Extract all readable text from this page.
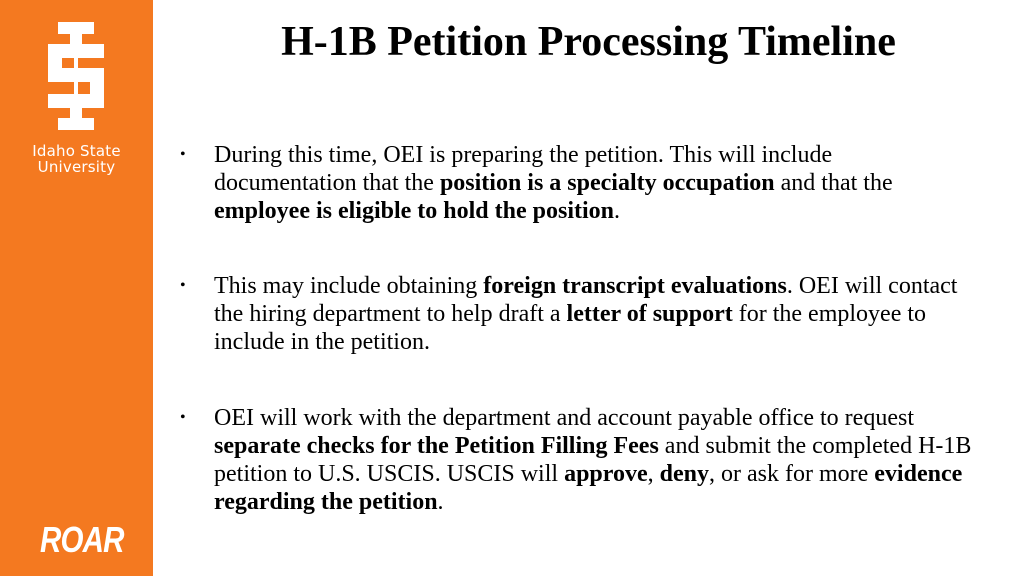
Idaho State
University
ROAR
H-1B Petition Processing Timeline
• During this time, OEI is preparing the petition. This will include documentation that the position is a specialty occupation and that the employee is eligible to hold the position.
• This may include obtaining foreign transcript evaluations. OEI will contact the hiring department to help draft a letter of support for the employee to include in the petition.
• OEI will work with the department and account payable office to request separate checks for the Petition Filling Fees and submit the completed H-1B petition to U.S. USCIS. USCIS will approve, deny, or ask for more evidence regarding the petition.
